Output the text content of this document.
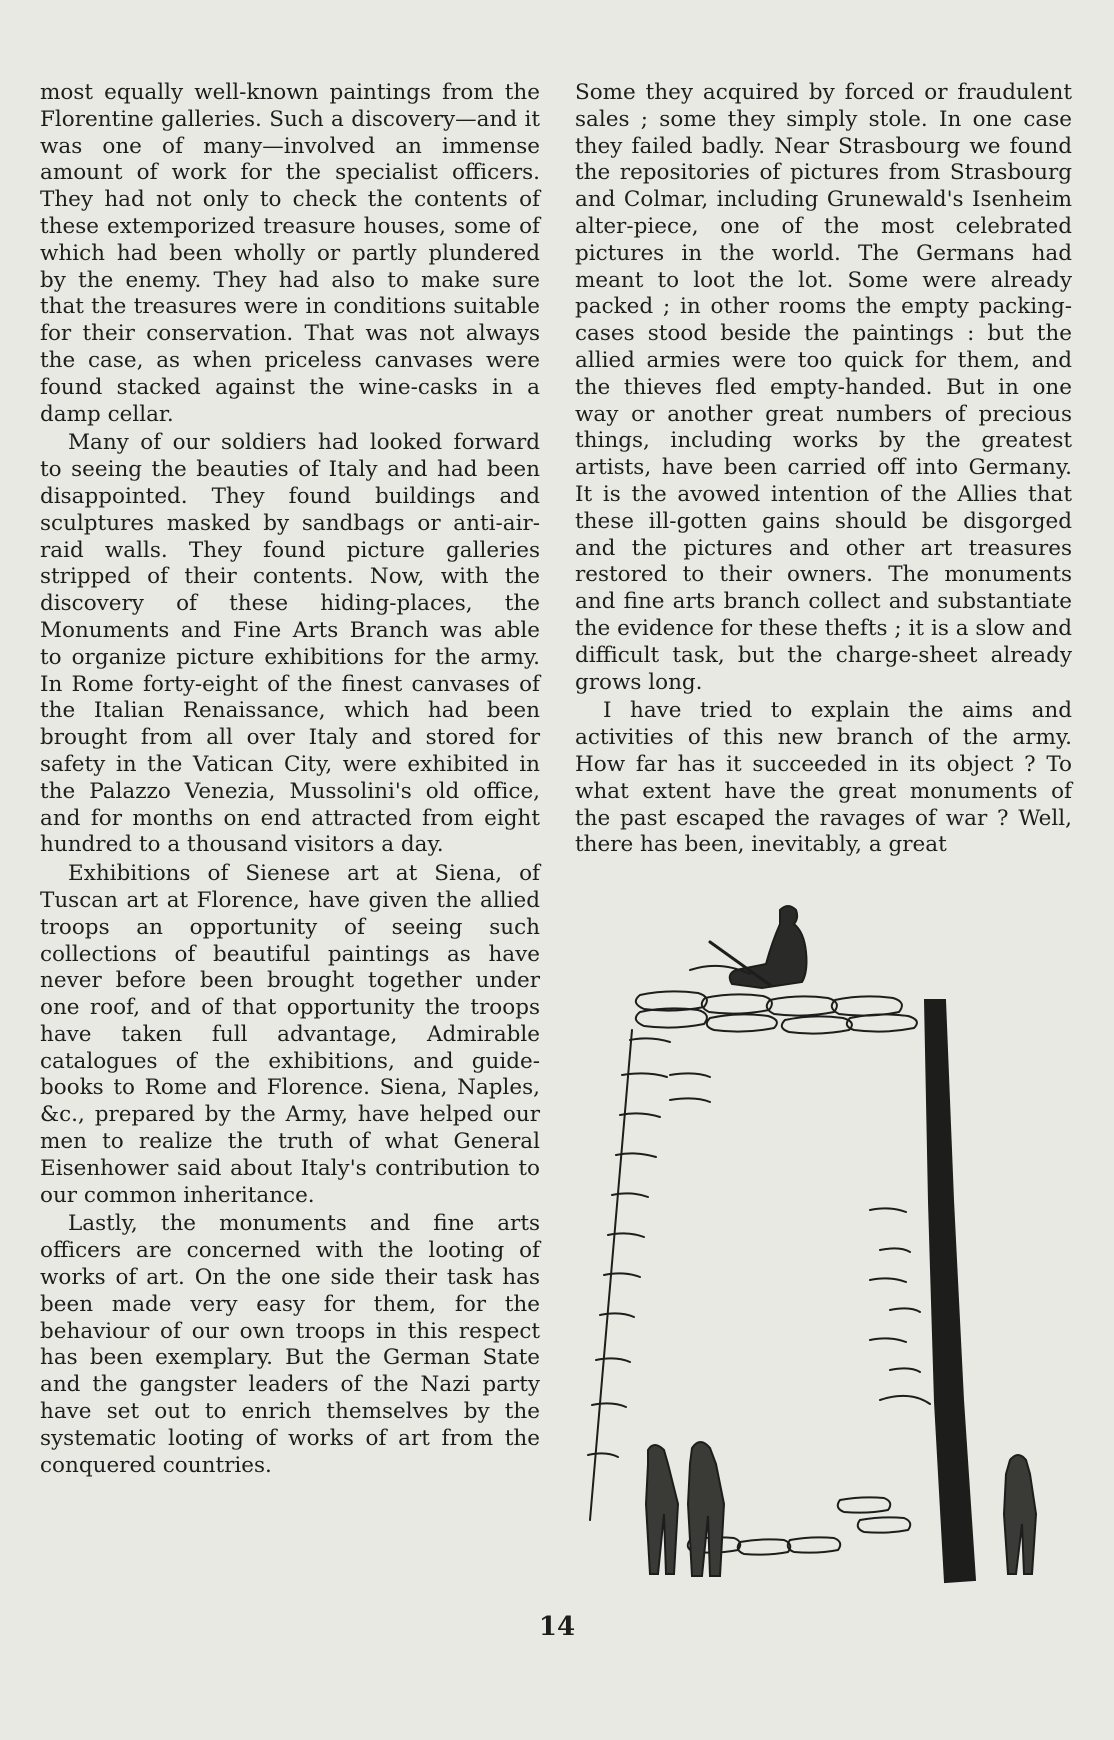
most equally well-known paintings from the Florentine galleries. Such a discovery—and it was one of many—involved an immense amount of work for the specialist officers. They had not only to check the contents of these extemporized treasure houses, some of which had been wholly or partly plundered by the enemy. They had also to make sure that the treasures were in conditions suitable for their conservation. That was not always the case, as when priceless canvases were found stacked against the wine-casks in a damp cellar.

Many of our soldiers had looked forward to seeing the beauties of Italy and had been disappointed. They found buildings and sculptures masked by sandbags or anti-air-raid walls. They found picture galleries stripped of their contents. Now, with the discovery of these hiding-places, the Monuments and Fine Arts Branch was able to organize picture exhibitions for the army. In Rome forty-eight of the finest canvases of the Italian Renaissance, which had been brought from all over Italy and stored for safety in the Vatican City, were exhibited in the Palazzo Venezia, Mussolini's old office, and for months on end attracted from eight hundred to a thousand visitors a day.

Exhibitions of Sienese art at Siena, of Tuscan art at Florence, have given the allied troops an opportunity of seeing such collections of beautiful paintings as have never before been brought together under one roof, and of that opportunity the troops have taken full advantage, Admirable catalogues of the exhibitions, and guide-books to Rome and Florence. Siena, Naples, &c., prepared by the Army, have helped our men to realize the truth of what General Eisenhower said about Italy's contribution to our common inheritance.

Lastly, the monuments and fine arts officers are concerned with the looting of works of art. On the one side their task has been made very easy for them, for the behaviour of our own troops in this respect has been exemplary. But the German State and the gangster leaders of the Nazi party have set out to enrich themselves by the systematic looting of works of art from the conquered countries.

Some they acquired by forced or fraudulent sales ; some they simply stole. In one case they failed badly. Near Strasbourg we found the repositories of pictures from Strasbourg and Colmar, including Grunewald's Isenheim alter-piece, one of the most celebrated pictures in the world. The Germans had meant to loot the lot. Some were already packed ; in other rooms the empty packing-cases stood beside the paintings : but the allied armies were too quick for them, and the thieves fled empty-handed. But in one way or another great numbers of precious things, including works by the greatest artists, have been carried off into Germany. It is the avowed intention of the Allies that these ill-gotten gains should be disgorged and the pictures and other art treasures restored to their owners. The monuments and fine arts branch collect and substantiate the evidence for these thefts ; it is a slow and difficult task, but the charge-sheet already grows long.

I have tried to explain the aims and activities of this new branch of the army. How far has it succeeded in its object ? To what extent have the great monuments of the past escaped the ravages of war ? Well, there has been, inevitably, a great

14
